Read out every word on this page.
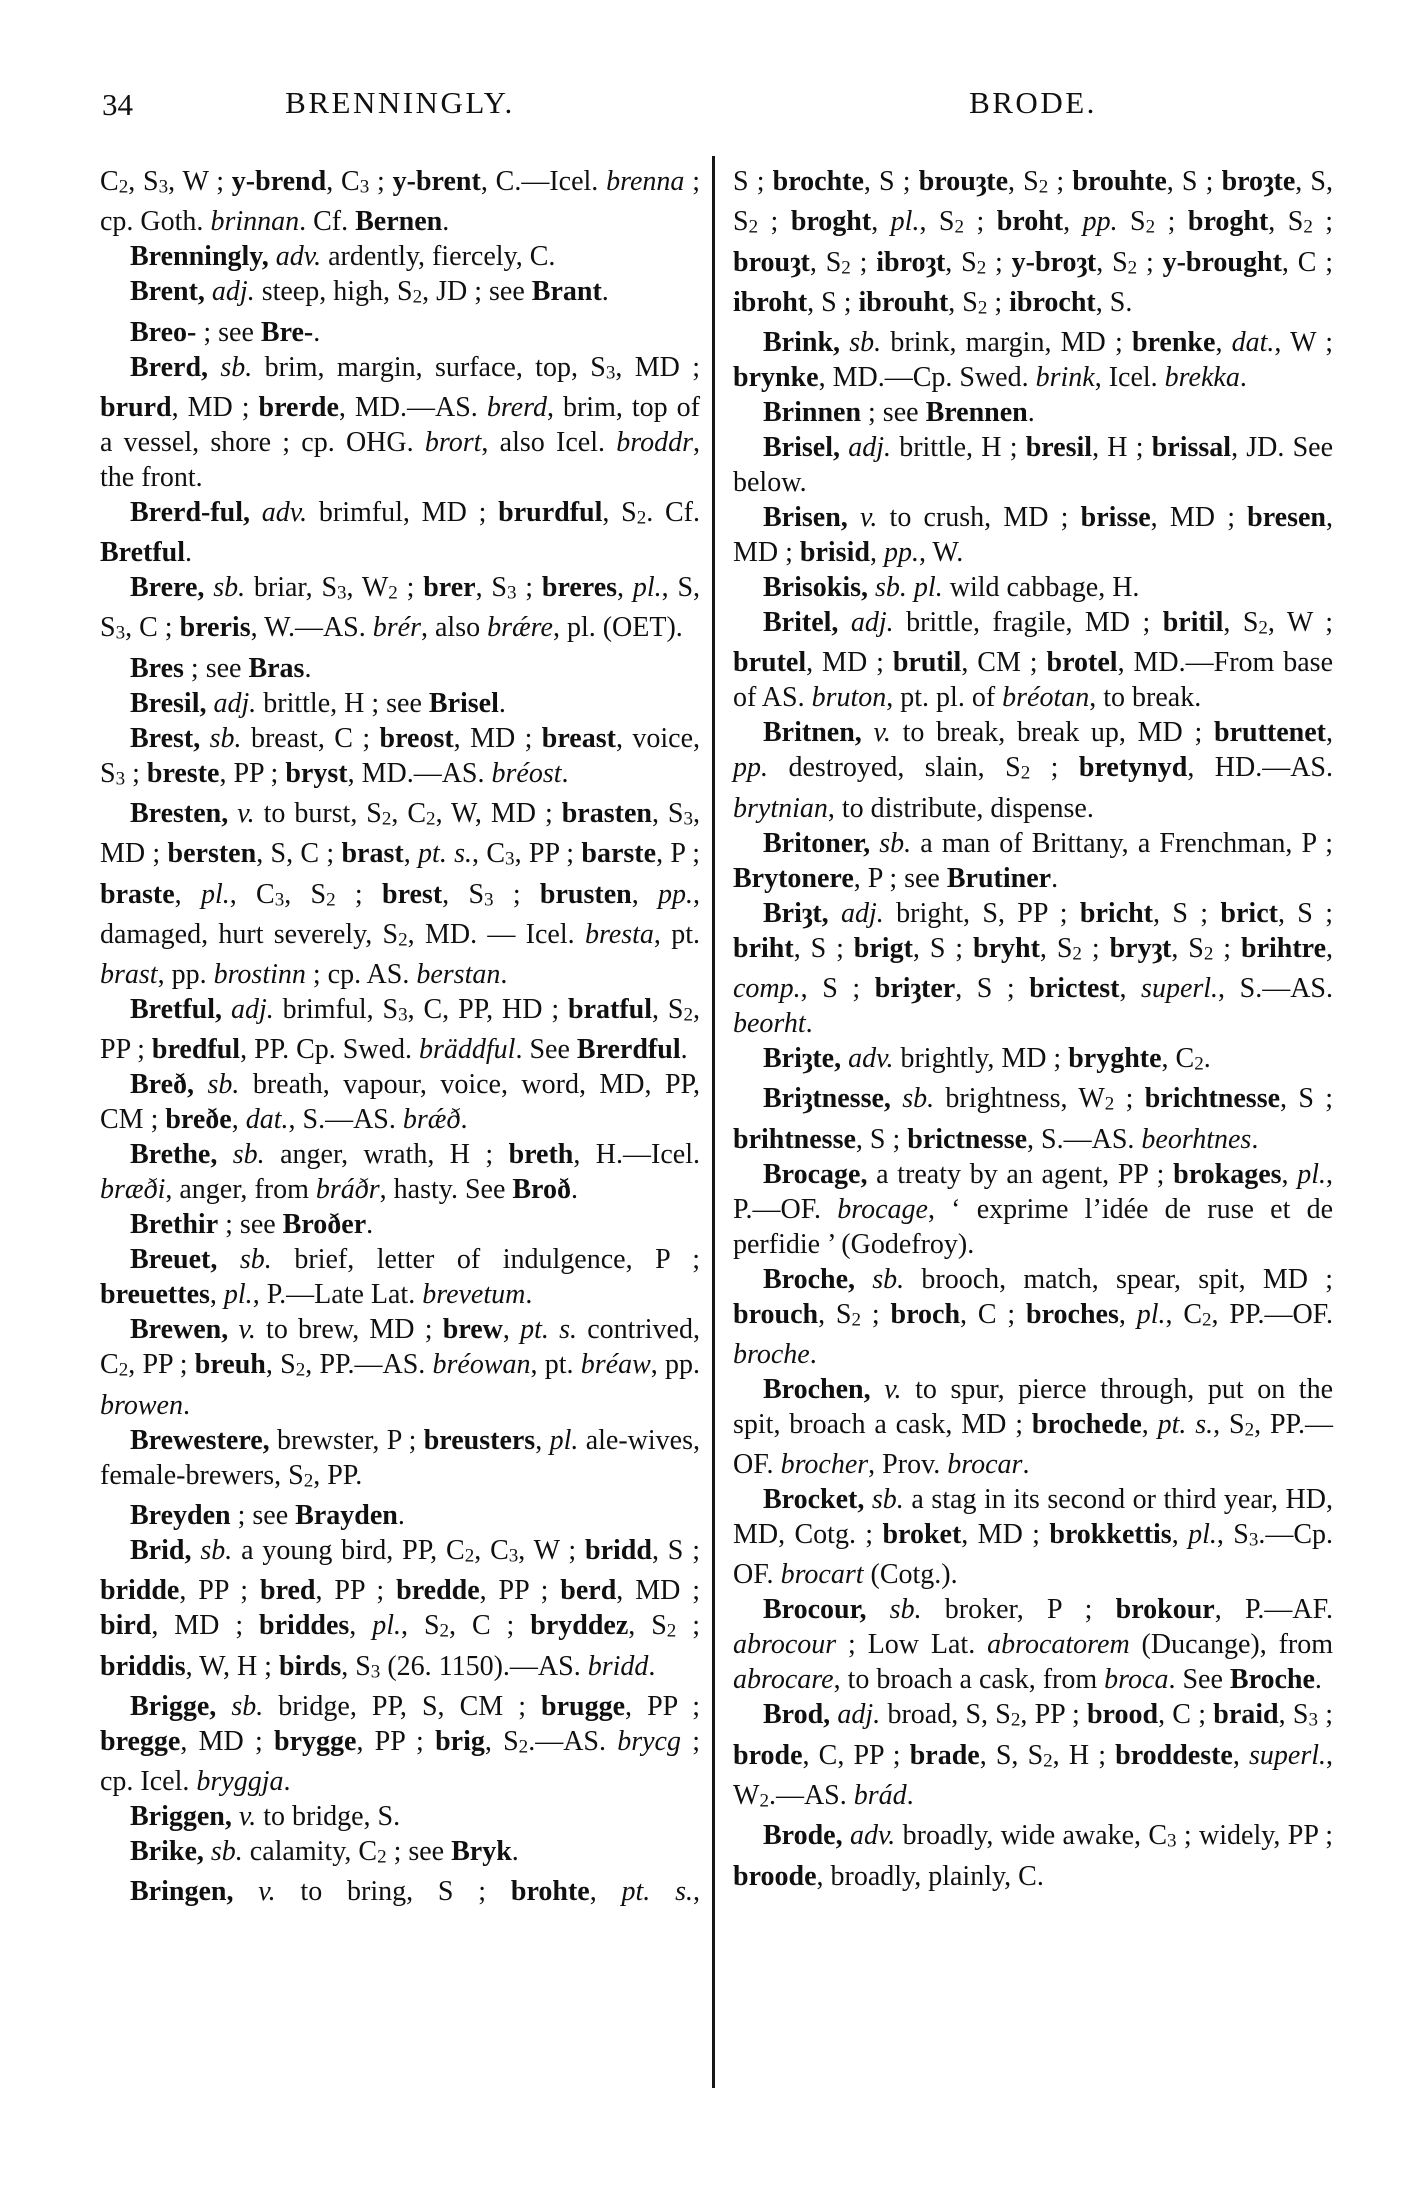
34	BRENNINGLY.	BRODE.

C2, S3, W ; y-brend, C3 ; y-brent, C.—Icel. brenna ; cp. Goth. brinnan. Cf. Bernen.

Brenningly, adv. ardently, fiercely, C.

Brent, adj. steep, high, S2, JD ; see Brant.

Breo- ; see Bre-.

Brerd, sb. brim, margin, surface, top, S3, MD ; brurd, MD ; brerde, MD.—AS. brerd, brim, top of a vessel, shore ; cp. OHG. brort, also Icel. broddr, the front.

Brerd-ful, adv. brimful, MD ; brurdful, S2. Cf. Bretful.

Brere, sb. briar, S3, W2 ; brer, S3 ; breres, pl., S, S3, C ; breris, W.—AS. brér, also brǽre, pl. (OET).

Bres ; see Bras.

Bresil, adj. brittle, H ; see Brisel.

Brest, sb. breast, C ; breost, MD ; breast, voice, S3 ; breste, PP ; bryst, MD.—AS. bréost.

Bresten, v. to burst, S2, C2, W, MD ; brasten, S3, MD ; bersten, S, C ; brast, pt. s., C3, PP ; barste, P ; braste, pl., C3, S2 ; brest, S3 ; brusten, pp., damaged, hurt severely, S2, MD. — Icel. bresta, pt. brast, pp. brostinn ; cp. AS. berstan.

Bretful, adj. brimful, S3, C, PP, HD ; bratful, S2, PP ; bredful, PP. Cp. Swed. bräddful. See Brerdful.

Breð, sb. breath, vapour, voice, word, MD, PP, CM ; breðe, dat., S.—AS. brǽð.

Brethe, sb. anger, wrath, H ; breth, H.—Icel. bræði, anger, from bráðr, hasty. See Broð.

Brethir ; see Broðer.

Breuet, sb. brief, letter of indulgence, P ; breuettes, pl., P.—Late Lat. brevetum.

Brewen, v. to brew, MD ; brew, pt. s. contrived, C2, PP ; breuh, S2, PP.—AS. bréowan, pt. bréaw, pp. browen.

Brewestere, brewster, P ; breusters, pl. ale-wives, female-brewers, S2, PP.

Breyden ; see Brayden.

Brid, sb. a young bird, PP, C2, C3, W ; bridd, S ; bridde, PP ; bred, PP ; bredde, PP ; berd, MD ; bird, MD ; briddes, pl., S2, C ; bryddez, S2 ; briddis, W, H ; birds, S3 (26. 1150).—AS. bridd.

Brigge, sb. bridge, PP, S, CM ; brugge, PP ; bregge, MD ; brygge, PP ; brig, S2.—AS. brycg ; cp. Icel. bryggja.

Briggen, v. to bridge, S.

Brike, sb. calamity, C2 ; see Bryk.

Bringen, v. to bring, S ; brohte, pt. s.,

S ; brochte, S ; brouȝte, S2 ; brouhte, S ; broȝte, S, S2 ; broght, pl., S2 ; broht, pp. S2 ; broght, S2 ; brouȝt, S2 ; ibroȝt, S2 ; y-broȝt, S2 ; y-brought, C ; ibroht, S ; ibrouht, S2 ; ibrocht, S.

Brink, sb. brink, margin, MD ; brenke, dat., W ; brynke, MD.—Cp. Swed. brink, Icel. brekka.

Brinnen ; see Brennen.

Brisel, adj. brittle, H ; bresil, H ; brissal, JD. See below.

Brisen, v. to crush, MD ; brisse, MD ; bresen, MD ; brisid, pp., W.

Brisokis, sb. pl. wild cabbage, H.

Britel, adj. brittle, fragile, MD ; britil, S2, W ; brutel, MD ; brutil, CM ; brotel, MD.—From base of AS. bruton, pt. pl. of bréotan, to break.

Britnen, v. to break, break up, MD ; bruttenet, pp. destroyed, slain, S2 ; bretynyd, HD.—AS. brytnian, to distribute, dispense.

Britoner, sb. a man of Brittany, a Frenchman, P ; Brytonere, P ; see Brutiner.

Briȝt, adj. bright, S, PP ; bricht, S ; brict, S ; briht, S ; brigt, S ; bryht, S2 ; bryȝt, S2 ; brihtre, comp., S ; briȝter, S ; brictest, superl., S.—AS. beorht.

Briȝte, adv. brightly, MD ; bryghte, C2.

Briȝtnesse, sb. brightness, W2 ; brichtnesse, S ; brihtnesse, S ; brictnesse, S.—AS. beorhtnes.

Brocage, a treaty by an agent, PP ; brokages, pl., P.—OF. brocage, ‘ exprime l’idée de ruse et de perfidie ’ (Godefroy).

Broche, sb. brooch, match, spear, spit, MD ; brouch, S2 ; broch, C ; broches, pl., C2, PP.—OF. broche.

Brochen, v. to spur, pierce through, put on the spit, broach a cask, MD ; brochede, pt. s., S2, PP.—OF. brocher, Prov. brocar.

Brocket, sb. a stag in its second or third year, HD, MD, Cotg. ; broket, MD ; brokkettis, pl., S3.—Cp. OF. brocart (Cotg.).

Brocour, sb. broker, P ; brokour, P.—AF. abrocour ; Low Lat. abrocatorem (Ducange), from abrocare, to broach a cask, from broca. See Broche.

Brod, adj. broad, S, S2, PP ; brood, C ; braid, S3 ; brode, C, PP ; brade, S, S2, H ; broddeste, superl., W2.—AS. brád.

Brode, adv. broadly, wide awake, C3 ; widely, PP ; broode, broadly, plainly, C.
